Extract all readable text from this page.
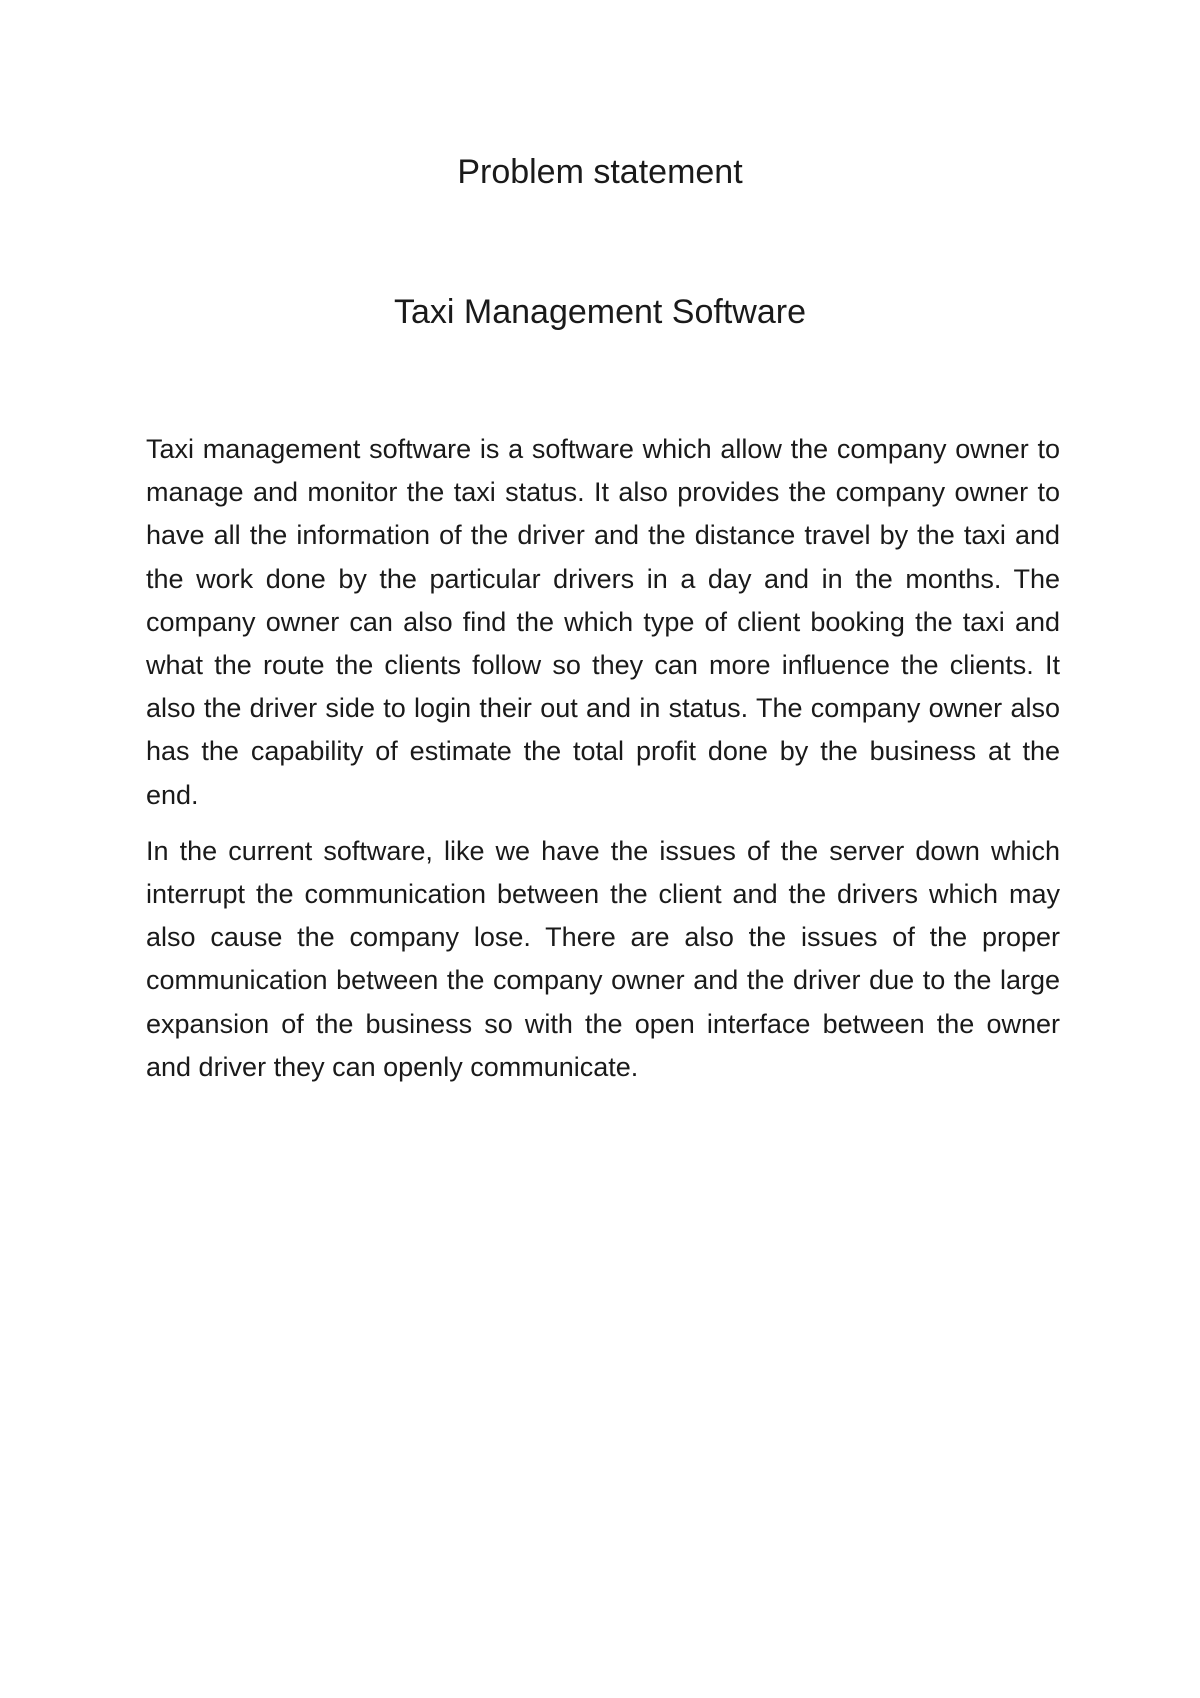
Problem statement
Taxi Management Software

Taxi management software is a software which allow the company owner to manage and monitor the taxi status. It also provides the company owner to have all the information of the driver and the distance travel by the taxi and the work done by the particular drivers in a day and in the months. The company owner can also find the which type of client booking the taxi and what the route the clients follow so they can more influence the clients. It also the driver side to login their out and in status. The company owner also has the capability of estimate the total profit done by the business at the end.

In the current software, like we have the issues of the server down which interrupt the communication between the client and the drivers which may also cause the company lose. There are also the issues of the proper communication between the company owner and the driver due to the large expansion of the business so with the open interface between the owner and driver they can openly communicate.
